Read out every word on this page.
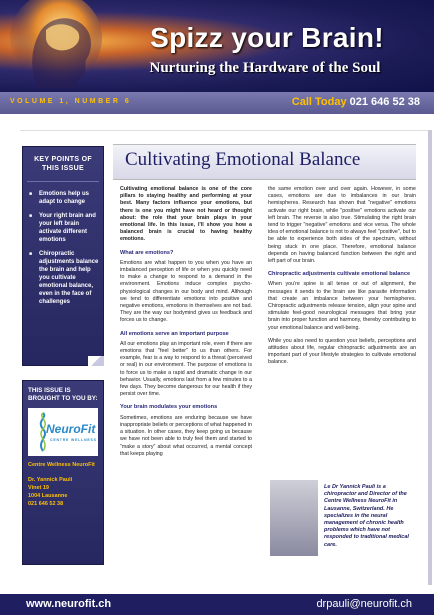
Spizz your Brain!
Nurturing the Hardware of the Soul
VOLUME 1, NUMBER 6	Call Today 021 646 52 38
KEY POINTS OF
THIS ISSUE
■ Emotions help us adapt to change
■ Your right brain and your left brain activate different emotions
■ Chiropractic adjustments balance the brain and help you cultivate emotional balance, even in the face of challenges
THIS ISSUE IS BROUGHT TO YOU BY:
NeuroFit
CENTRE WELLNESS
Centre Wellness NeuroFit
Dr. Yannick Pauli
Vinet 19
1004 Lausanne
021 646 52 38
Cultivating Emotional Balance

Cultivating emotional balance is one of the core pillars to staying healthy and performing at your best. Many factors influence your emotions, but there is one you might have not heard or thought about: the role that your brain plays in your emotional life. In this issue, I'll show you how a balanced brain is crucial to having healthy emotions.

What are emotions?

Emotions are what happen to you when you have an imbalanced perception of life or when you quickly need to make a change to respond to a demand in the environment. Emotions induce complex psycho-physiological changes in our body and mind. Although we tend to differentiate emotions into positive and negative emotions, emotions in themselves are not bad. They are the way our bodymind gives us feedback and forces us to change.

All emotions serve an important purpose

All our emotions play an important role, even if there are emotions that "feel better" to us than others. For example, fear is a way to respond to a threat (perceived or real) in our environment. The purpose of emotions is to force us to make a rapid and dramatic change in our behavior. Usually, emotions last from a few minutes to a few days. They become dangerous for our health if they persist over time.

Your brain modulates your emotions

Sometimes, emotions are enduring because we have inappropriate beliefs or perceptions of what happened in a situation. In other cases, they keep going us because we have not been able to truly feel them and started to "make a story" about what occurred, a mental concept that keeps playing

the same emotion over and over again. However, in some cases, emotions are due to imbalances in our brain hemispheres. Research has shown that "negative" emotions activate our right brain, while "positive" emotions activate our left brain. The reverse is also true. Stimulating the right brain tend to trigger "negative" emotions and vice versa. The whole idea of emotional balance is not to always feel "positive", but to be able to experience both sides of the spectrum, without being stuck in one place. Therefore, emotional balance depends on having balanced function between the right and left part of our brain.

Chiropractic adjustments cultivate emotional balance

When you're spine is all tense or out of alignment, the messages it sends to the brain are like parasite information that create an imbalance between your hemispheres. Chiropractic adjustments release tension, align your spine and stimulate feel-good neurological messages that bring your brain into proper function and harmony, thereby contributing to your emotional balance and well-being.

While you also need to question your beliefs, perceptions and attitudes about life, regular chiropractic adjustments are an important part of your lifestyle strategies to cultivate emotional balance.

Le Dr Yannick Pauli is a chiropractor and Director of the Centre Wellness NeuroFit in Lausanne, Switzerland. He specializes in the neural management of chronic health problems which have not responded to traditional medical care.
www.neurofit.ch	drpauli@neurofit.ch
